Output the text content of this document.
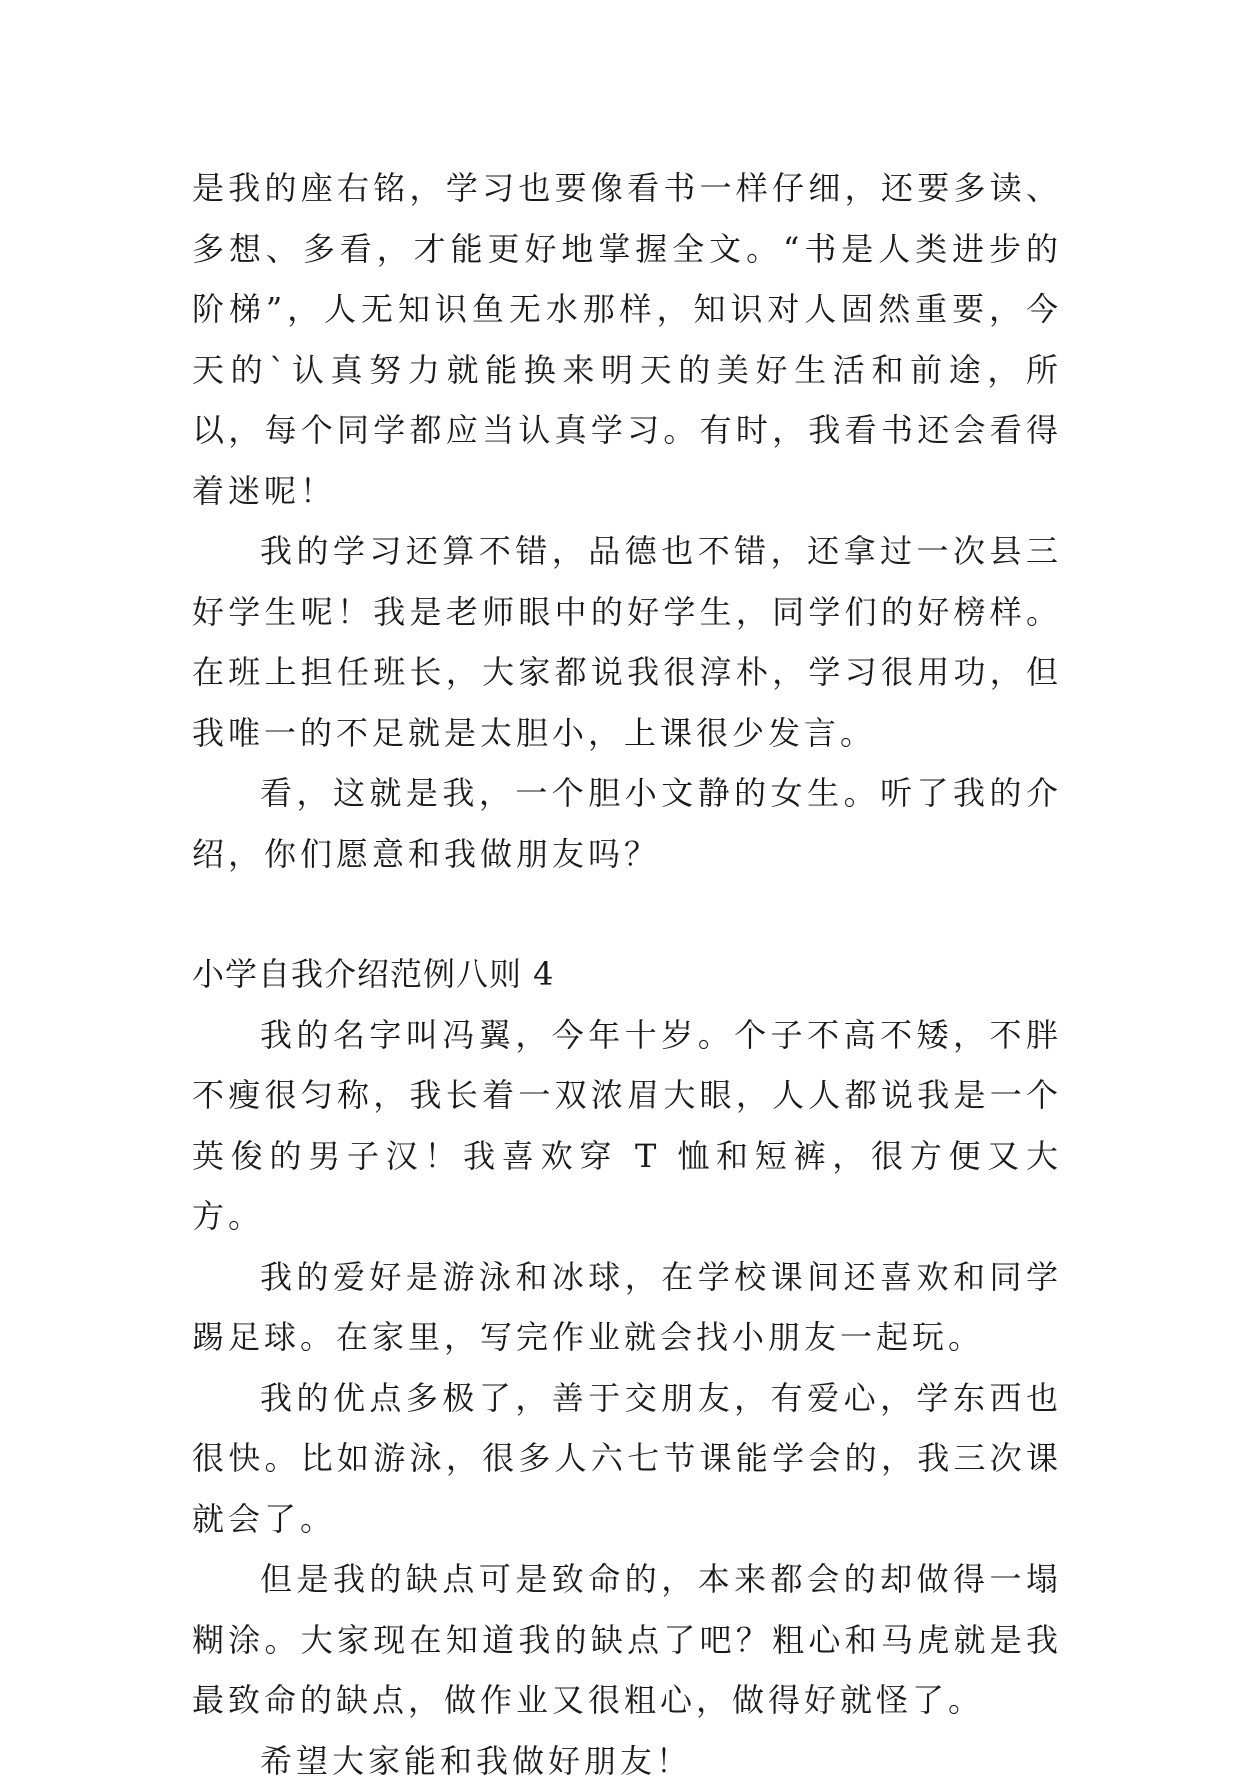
是我的座右铭，学习也要像看书一样仔细，还要多读、多想、多看，才能更好地掌握全文。“书是人类进步的阶梯”，人无知识鱼无水那样，知识对人固然重要，今天的`认真努力就能换来明天的美好生活和前途，所以，每个同学都应当认真学习。有时，我看书还会看得着迷呢！

我的学习还算不错，品德也不错，还拿过一次县三好学生呢！我是老师眼中的好学生，同学们的好榜样。在班上担任班长，大家都说我很淳朴，学习很用功，但我唯一的不足就是太胆小，上课很少发言。

看，这就是我，一个胆小文静的女生。听了我的介绍，你们愿意和我做朋友吗？

小学自我介绍范例八则 4

我的名字叫冯翼，今年十岁。个子不高不矮，不胖不瘦很匀称，我长着一双浓眉大眼，人人都说我是一个英俊的男子汉！我喜欢穿 T 恤和短裤，很方便又大方。

我的爱好是游泳和冰球，在学校课间还喜欢和同学踢足球。在家里，写完作业就会找小朋友一起玩。

我的优点多极了，善于交朋友，有爱心，学东西也很快。比如游泳，很多人六七节课能学会的，我三次课就会了。

但是我的缺点可是致命的，本来都会的却做得一塌糊涂。大家现在知道我的缺点了吧？粗心和马虎就是我最致命的缺点，做作业又很粗心，做得好就怪了。

希望大家能和我做好朋友！
